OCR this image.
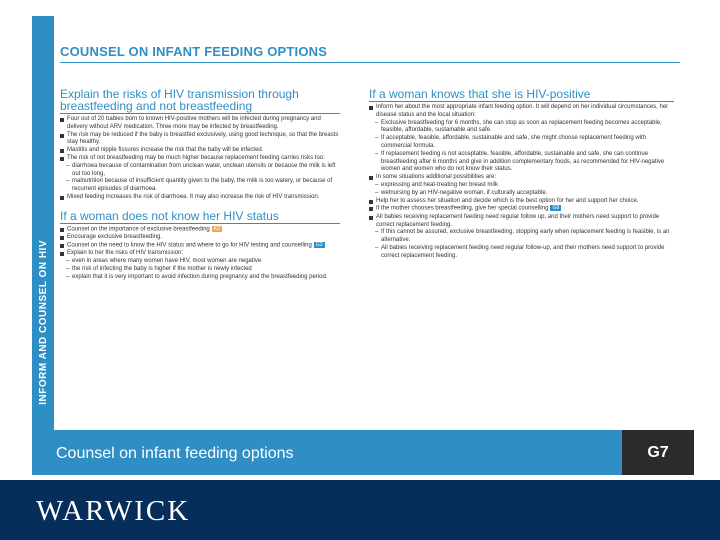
INFORM AND COUNSEL ON HIV
COUNSEL ON INFANT FEEDING OPTIONS
Explain the risks of HIV transmission through breastfeeding and not breastfeeding
Four out of 20 babies born to known HIV-positive mothers will be infected during pregnancy and delivery without ARV medication. Three more may be infected by breastfeeding.
The risk may be reduced if the baby is breastfed exclusively, using good technique, so that the breasts stay healthy.
Mastitis and nipple fissures increase the risk that the baby will be infected.
The risk of not breastfeeding may be much higher because replacement feeding carries risks too:
– diarrhoea because of contamination from unclean water, unclean utensils or because the milk is left out too long,
– malnutrition because of insufficient quantity given to the baby, the milk is too watery, or because of recurrent episodes of diarrhoea.
Mixed feeding increases the risk of diarrhoea. It may also increase the risk of HIV transmission.
If a woman does not know her HIV status
Counsel on the importance of exclusive breastfeeding K2
Encourage exclusive breastfeeding.
Counsel on the need to know the HIV status and where to go for HIV testing and counselling G3
Explain to her the risks of HIV transmission:
– even in areas where many women have HIV, most women are negative
– the risk of infecting the baby is higher if the mother is newly infected
– explain that it is very important to avoid infection during pregnancy and the breastfeeding period.
If a woman knows that she is HIV-positive
Inform her about the most appropriate infant feeding option. It will depend on her individual circumstances, her disease status and the local situation:
– Exclusive breastfeeding for 6 months, she can stop as soon as replacement feeding becomes acceptable, feasible, affordable, sustainable and safe.
– If acceptable, feasible, affordable, sustainable and safe, she might choose replacement feeding with commercial formula.
– If replacement feeding is not acceptable, feasible, affordable, sustainable and safe, she can continue breastfeeding after 6 months and give in addition complementary foods, as recommended for HIV-negative women and women who do not know their status.
In some situations additional possibilities are:
– expressing and heat-treating her breast milk
– wetnursing by an HIV-negative woman, if culturally acceptable.
Help her to assess her situation and decide which is the best option for her and support her choice.
If the mother chooses breastfeeding, give her special counselling G8
All babies receiving replacement feeding need regular follow up, and their mothers need support to provide correct replacement feeding.
– If this cannot be assured, exclusive breastfeeding, stopping early when replacement feeding is feasible, is an alternative.
– All babies receiving replacement feeding need regular follow-up, and their mothers need support to provide correct replacement feeding.
Counsel on infant feeding options	G7
WARWICK
